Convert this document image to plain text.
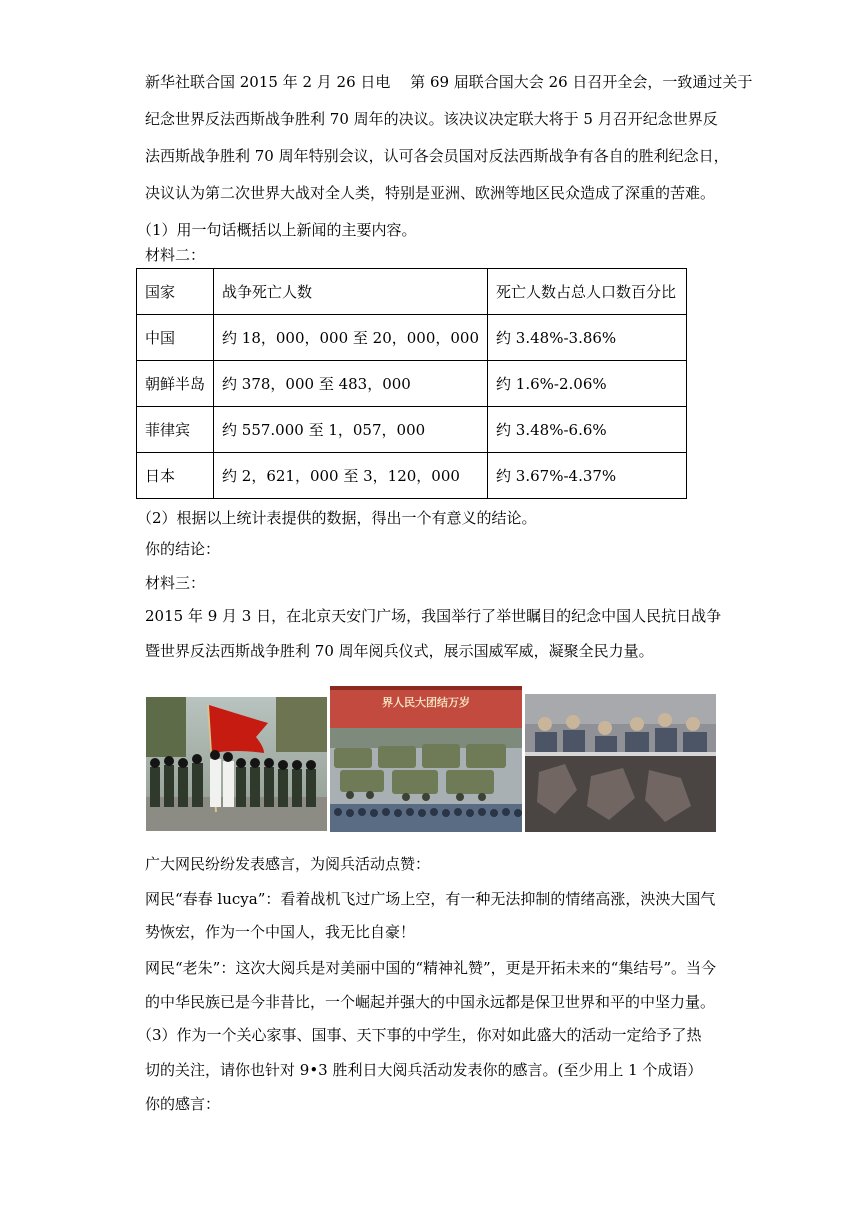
新华社联合国 2015 年 2 月 26 日电　 第 69 届联合国大会 26 日召开全会，一致通过关于
纪念世界反法西斯战争胜利 70 周年的决议。该决议决定联大将于 5 月召开纪念世界反
法西斯战争胜利 70 周年特别会议，认可各会员国对反法西斯战争有各自的胜利纪念日，
决议认为第二次世界大战对全人类，特别是亚洲、欧洲等地区民众造成了深重的苦难。
（1）用一句话概括以上新闻的主要内容。
材料二：
国家	战争死亡人数	死亡人数占总人口数百分比
中国	约 18，000，000 至 20，000，000	约 3.48%-3.86%
朝鲜半岛	约 378，000 至 483，000	约 1.6%-2.06%
菲律宾	约 557.000 至 1，057，000	约 3.48%-6.6%
日本	约 2，621，000 至 3，120，000	约 3.67%-4.37%
（2）根据以上统计表提供的数据，得出一个有意义的结论。
你的结论：
材料三：
2015 年 9 月 3 日，在北京天安门广场，我国举行了举世瞩目的纪念中国人民抗日战争
暨世界反法西斯战争胜利 70 周年阅兵仪式，展示国威军威，凝聚全民力量。
界人民大团结万岁
广大网民纷纷发表感言，为阅兵活动点赞：
网民“春春 lucya”：看着战机飞过广场上空，有一种无法抑制的情绪高涨，泱泱大国气
势恢宏，作为一个中国人，我无比自豪！
网民“老朱”：这次大阅兵是对美丽中国的“精神礼赞”，更是开拓未来的“集结号”。当今
的中华民族已是今非昔比，一个崛起并强大的中国永远都是保卫世界和平的中坚力量。
（3）作为一个关心家事、国事、天下事的中学生，你对如此盛大的活动一定给予了热
切的关注，请你也针对 9•3 胜利日大阅兵活动发表你的感言。(至少用上 1 个成语）
你的感言：
